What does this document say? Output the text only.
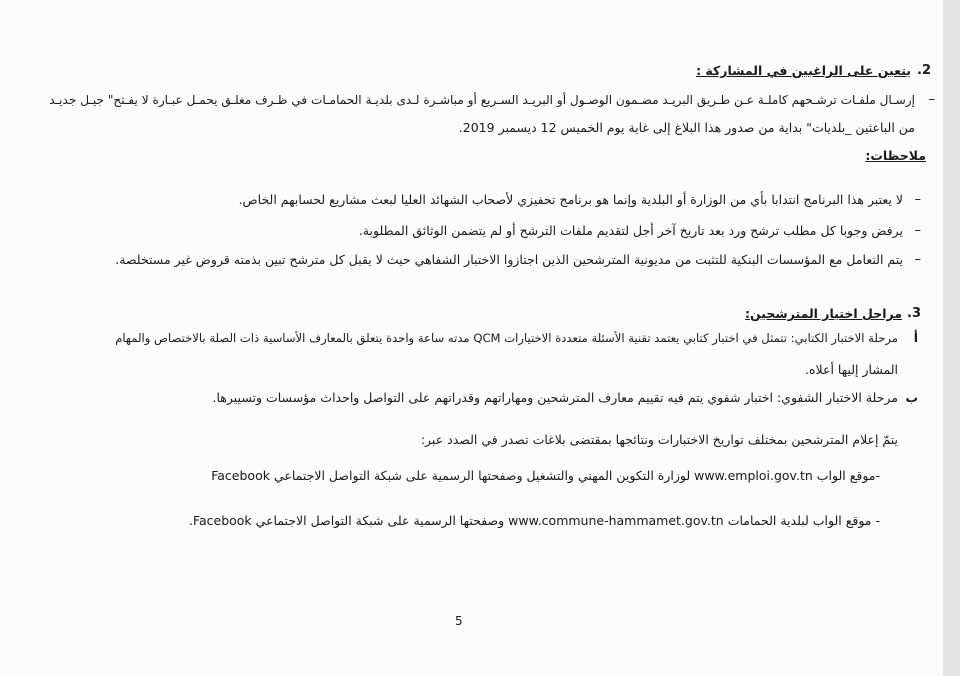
.2
يتعين على الراغبين في المشاركة :
–
إرسـال ملفـات ترشـحهم كاملـة عـن طـريق البريـد مضـمون الوصـول أو البريـد السـريع أو مباشـرة لـدى بلديـة الحمامـات في ظـرف مغلـق يحمـل عبـارة لا يفـتح" جيـل جديـد
من الباعثين _بلديات" بداية من صدور هذا البلاغ إلى غاية يوم الخميس 12 ديسمبر 2019.
ملاحظات:
–
لا يعتبر هذا البرنامج انتدابا بأي من الوزارة أو البلدية وإنما هو برنامج تحفيزي لأصحاب الشهائد العليا لبعث مشاريع لحسابهم الخاص.
–
يرفض وجوبا كل مطلب ترشح ورد بعد تاريخ آخر أجل لتقديم ملفات الترشح أو لم يتضمن الوثائق المطلوبة.
–
يتم التعامل مع المؤسسات البنكية للتثبت من مديونية المترشحين الذين اجتازوا الاختبار الشفاهي حيث لا يقبل كل مترشح تبين بذمته قروض غير مستخلصة.
.3
مراحل اختيار المترشحين:
أ
مرحلة الاختبار الكتابي: تتمثل في اختبار كتابي يعتمد تقنية الأسئلة متعددة الاختيارات QCM مدته ساعة واحدة يتعلق بالمعارف الأساسية ذات الصلة بالاختصاص والمهام
المشار إليها أعلاه.
ب
مرحلة الاختبار الشفوي: اختبار شفوي يتم فيه تقييم معارف المترشحين ومهاراتهم وقدراتهم على التواصل واحداث مؤسسات وتسييرها.
يتمّ إعلام المترشحين بمختلف تواريخ الاختبارات ونتائجها بمقتضى بلاغات تصدر في الصدد عبر:
-موقع الواب www.emploi.gov.tn لوزارة التكوين المهني والتشغيل وصفحتها الرسمية على شبكة التواصل الاجتماعي Facebook
- موقع الواب لبلدية الحمامات www.commune-hammamet.gov.tn وصفحتها الرسمية على شبكة التواصل الاجتماعي Facebook.
5
